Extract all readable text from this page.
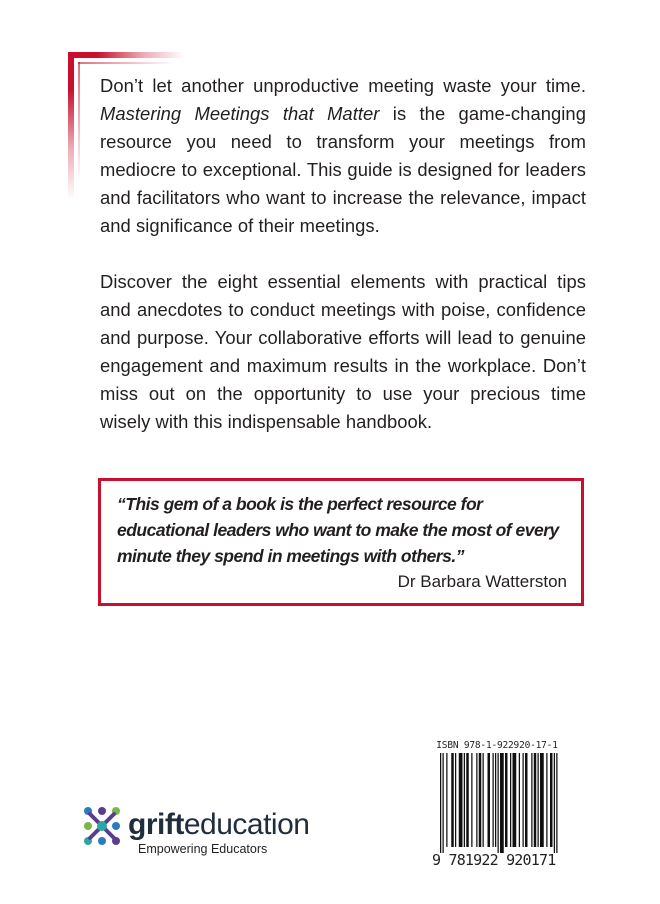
Don’t let another unproductive meeting waste your time. Mastering Meetings that Matter is the game-changing resource you need to transform your meetings from mediocre to exceptional. This guide is designed for leaders and facilitators who want to increase the relevance, impact and significance of their meetings.

Discover the eight essential elements with practical tips and anecdotes to conduct meetings with poise, confidence and purpose. Your collaborative efforts will lead to genuine engagement and maximum results in the workplace. Don’t miss out on the opportunity to use your precious time wisely with this indispensable handbook.

“This gem of a book is the perfect resource for educational leaders who want to make the most of every minute they spend in meetings with others.”

Dr Barbara Watterston

grifteducation
Empowering Educators
ISBN 978-1-922920-17-1
9 781922 920171
